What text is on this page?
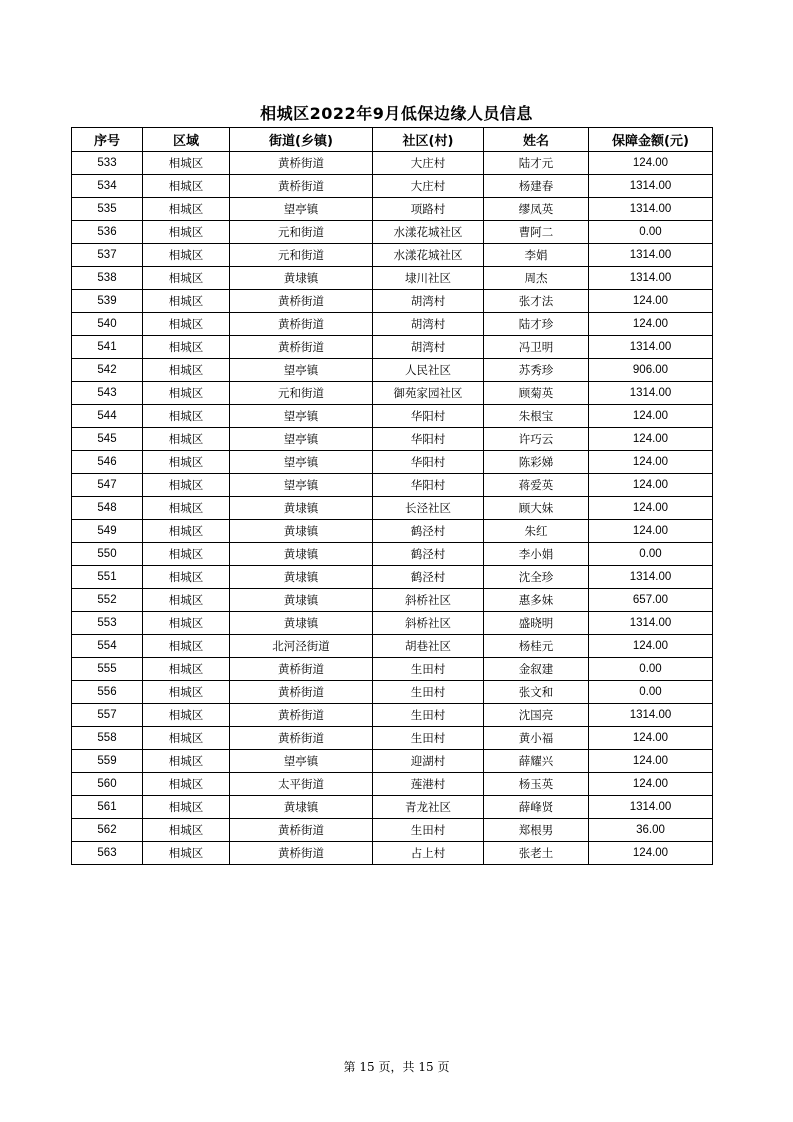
相城区2022年9月低保边缘人员信息
序号	区域	街道(乡镇)	社区(村)	姓名	保障金额(元)
533	相城区	黄桥街道	大庄村	陆才元	124.00
534	相城区	黄桥街道	大庄村	杨建春	1314.00
535	相城区	望亭镇	项路村	缪凤英	1314.00
536	相城区	元和街道	水漾花城社区	曹阿二	0.00
537	相城区	元和街道	水漾花城社区	李娟	1314.00
538	相城区	黄埭镇	埭川社区	周杰	1314.00
539	相城区	黄桥街道	胡湾村	张才法	124.00
540	相城区	黄桥街道	胡湾村	陆才珍	124.00
541	相城区	黄桥街道	胡湾村	冯卫明	1314.00
542	相城区	望亭镇	人民社区	苏秀珍	906.00
543	相城区	元和街道	御苑家园社区	顾菊英	1314.00
544	相城区	望亭镇	华阳村	朱根宝	124.00
545	相城区	望亭镇	华阳村	许巧云	124.00
546	相城区	望亭镇	华阳村	陈彩娣	124.00
547	相城区	望亭镇	华阳村	蒋爱英	124.00
548	相城区	黄埭镇	长泾社区	顾大妹	124.00
549	相城区	黄埭镇	鹤泾村	朱红	124.00
550	相城区	黄埭镇	鹤泾村	李小娟	0.00
551	相城区	黄埭镇	鹤泾村	沈全珍	1314.00
552	相城区	黄埭镇	斜桥社区	惠多妹	657.00
553	相城区	黄埭镇	斜桥社区	盛晓明	1314.00
554	相城区	北河泾街道	胡巷社区	杨桂元	124.00
555	相城区	黄桥街道	生田村	金叙建	0.00
556	相城区	黄桥街道	生田村	张文和	0.00
557	相城区	黄桥街道	生田村	沈国亮	1314.00
558	相城区	黄桥街道	生田村	黄小福	124.00
559	相城区	望亭镇	迎湖村	薛耀兴	124.00
560	相城区	太平街道	莲港村	杨玉英	124.00
561	相城区	黄埭镇	青龙社区	薛峰贤	1314.00
562	相城区	黄桥街道	生田村	郑根男	36.00
563	相城区	黄桥街道	占上村	张老土	124.00
第 15 页，共 15 页
